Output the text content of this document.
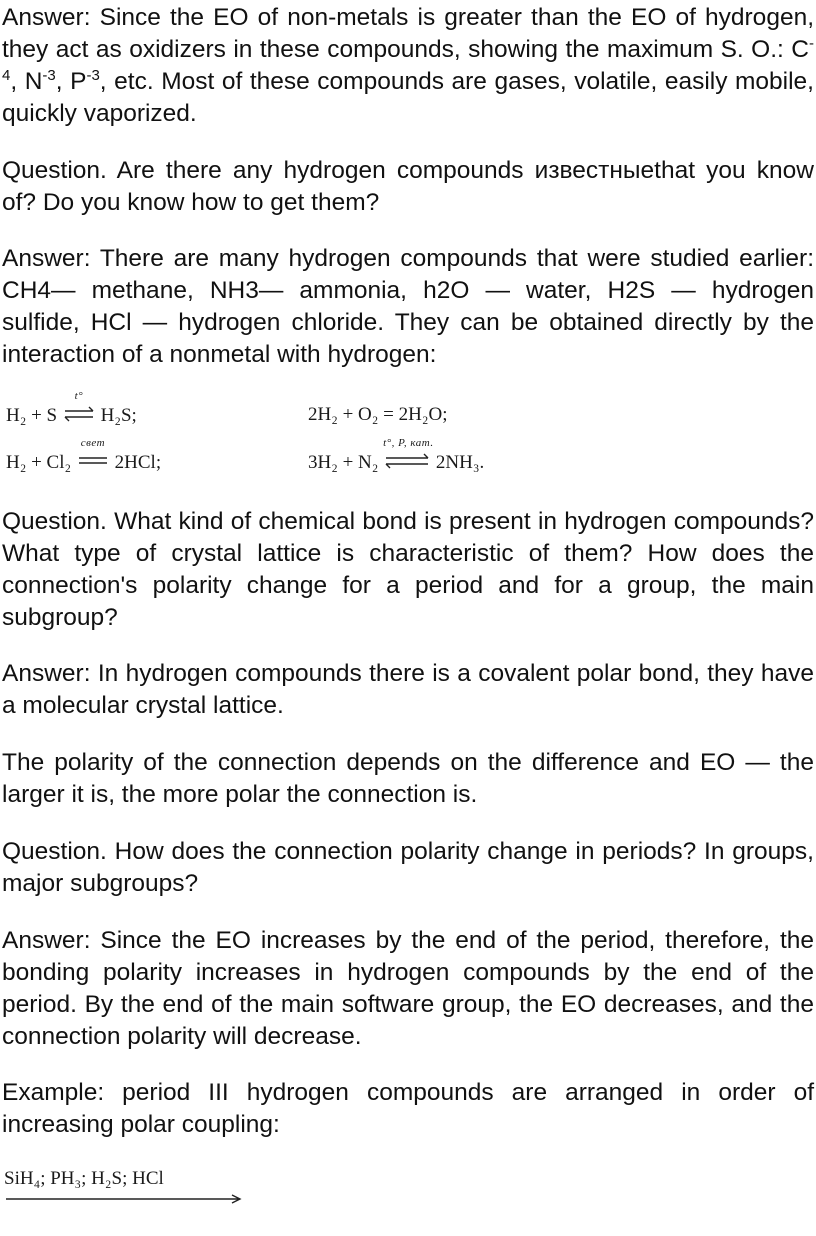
Answer: Since the EO of non-metals is greater than the EO of hydrogen, they act as oxidizers in these compounds, showing the maximum S. O.: $C^{-4}$, $N^{-3}$, $P^{-3}$, etc. Most of these compounds are gases, volatile, easily mobile, quickly vaporized.

Question. Are there any hydrogen compounds известныеthat you know of? Do you know how to get them?

Answer: There are many hydrogen compounds that were studied earlier: CH4— methane, NH3— ammonia, h2O — water, H2S — hydrogen sulfide, HCl — hydrogen chloride. They can be obtained directly by the interaction of a nonmetal with hydrogen:

H₂ + S
t°
H₂S;	2H₂ + O₂ = 2H₂O;
H₂ + Cl₂
свет
2HCl;	3H₂ + N₂
t°, P, кат.
2NH₃.

Question. What kind of chemical bond is present in hydrogen compounds? What type of crystal lattice is characteristic of them? How does the connection's polarity change for a period and for a group, the main subgroup?

Answer: In hydrogen compounds there is a covalent polar bond, they have a molecular crystal lattice.

The polarity of the connection depends on the difference and EO — the larger it is, the more polar the connection is.

Question. How does the connection polarity change in periods? In groups, major subgroups?

Answer: Since the EO increases by the end of the period, therefore, the bonding polarity increases in hydrogen compounds by the end of the period. By the end of the main software group, the EO decreases, and the connection polarity will decrease.

Example: period III hydrogen compounds are arranged in order of increasing polar coupling:

SiH₄; PH₃; H₂S; HCl
